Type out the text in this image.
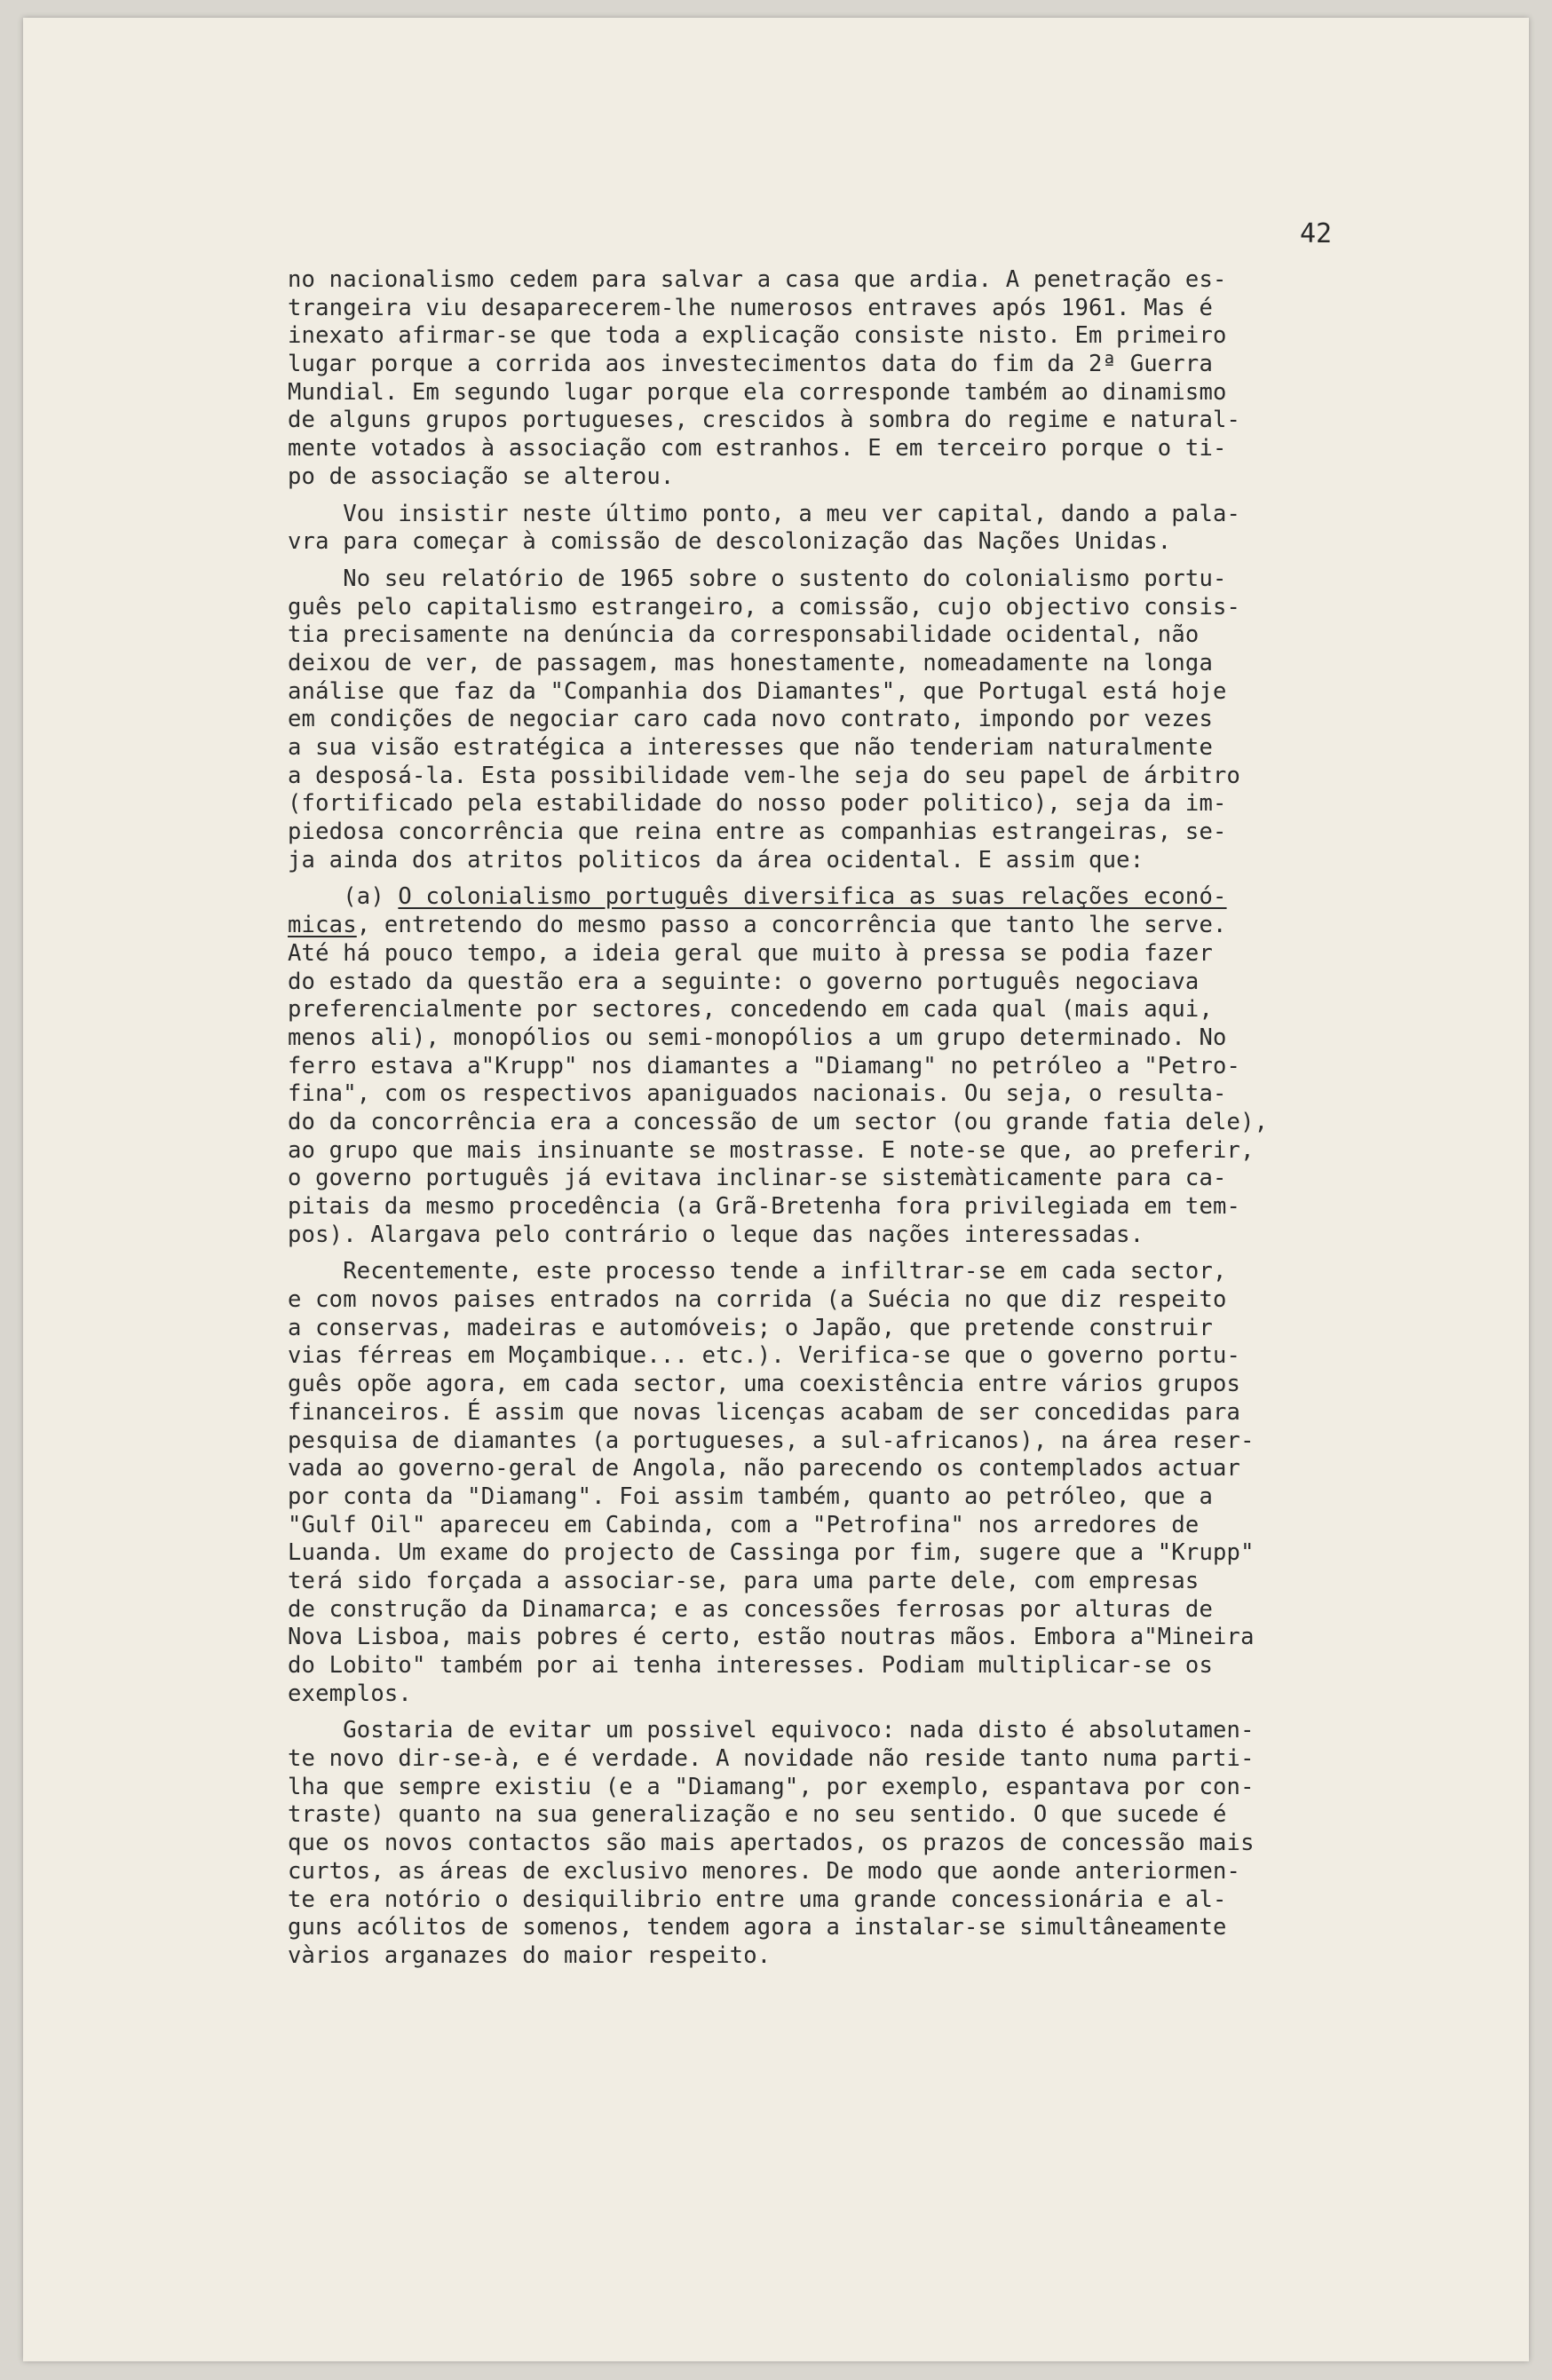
42
no nacionalismo cedem para salvar a casa que ardia. A penetração es-
trangeira viu desaparecerem-lhe numerosos entraves após 1961. Mas é
inexato afirmar-se que toda a explicação consiste nisto. Em primeiro
lugar porque a corrida aos investecimentos data do fim da 2ª Guerra
Mundial. Em segundo lugar porque ela corresponde também ao dinamismo
de alguns grupos portugueses, crescidos à sombra do regime e natural-
mente votados à associação com estranhos. E em terceiro porque o ti-
po de associação se alterou.
Vou insistir neste último ponto, a meu ver capital, dando a pala-
vra para começar à comissão de descolonização das Nações Unidas.
No seu relatório de 1965 sobre o sustento do colonialismo portu-
guês pelo capitalismo estrangeiro, a comissão, cujo objectivo consis-
tia precisamente na denúncia da corresponsabilidade ocidental, não
deixou de ver, de passagem, mas honestamente, nomeadamente na longa
análise que faz da "Companhia dos Diamantes", que Portugal está hoje
em condições de negociar caro cada novo contrato, impondo por vezes
a sua visão estratégica a interesses que não tenderiam naturalmente
a desposá-la. Esta possibilidade vem-lhe seja do seu papel de árbitro
(fortificado pela estabilidade do nosso poder politico), seja da im-
piedosa concorrência que reina entre as companhias estrangeiras, se-
ja ainda dos atritos politicos da área ocidental. E assim que:
(a) O colonialismo português diversifica as suas relações econó-
micas, entretendo do mesmo passo a concorrência que tanto lhe serve.
Até há pouco tempo, a ideia geral que muito à pressa se podia fazer
do estado da questão era a seguinte: o governo português negociava
preferencialmente por sectores, concedendo em cada qual (mais aqui,
menos ali), monopólios ou semi-monopólios a um grupo determinado. No
ferro estava a"Krupp" nos diamantes a "Diamang" no petróleo a "Petro-
fina", com os respectivos apaniguados nacionais. Ou seja, o resulta-
do da concorrência era a concessão de um sector (ou grande fatia dele),
ao grupo que mais insinuante se mostrasse. E note-se que, ao preferir,
o governo português já evitava inclinar-se sistemàticamente para ca-
pitais da mesmo procedência (a Grã-Bretenha fora privilegiada em tem-
pos). Alargava pelo contrário o leque das nações interessadas.
Recentemente, este processo tende a infiltrar-se em cada sector,
e com novos paises entrados na corrida (a Suécia no que diz respeito
a conservas, madeiras e automóveis; o Japão, que pretende construir
vias férreas em Moçambique... etc.). Verifica-se que o governo portu-
guês opõe agora, em cada sector, uma coexistência entre vários grupos
financeiros. É assim que novas licenças acabam de ser concedidas para
pesquisa de diamantes (a portugueses, a sul-africanos), na área reser-
vada ao governo-geral de Angola, não parecendo os contemplados actuar
por conta da "Diamang". Foi assim também, quanto ao petróleo, que a
"Gulf Oil" apareceu em Cabinda, com a "Petrofina" nos arredores de
Luanda. Um exame do projecto de Cassinga por fim, sugere que a "Krupp"
terá sido forçada a associar-se, para uma parte dele, com empresas
de construção da Dinamarca; e as concessões ferrosas por alturas de
Nova Lisboa, mais pobres é certo, estão noutras mãos. Embora a"Mineira
do Lobito" também por ai tenha interesses. Podiam multiplicar-se os
exemplos.
Gostaria de evitar um possivel equivoco: nada disto é absolutamen-
te novo dir-se-à, e é verdade. A novidade não reside tanto numa parti-
lha que sempre existiu (e a "Diamang", por exemplo, espantava por con-
traste) quanto na sua generalização e no seu sentido. O que sucede é
que os novos contactos são mais apertados, os prazos de concessão mais
curtos, as áreas de exclusivo menores. De modo que aonde anteriormen-
te era notório o desiquilibrio entre uma grande concessionária e al-
guns acólitos de somenos, tendem agora a instalar-se simultâneamente
vàrios arganazes do maior respeito.
